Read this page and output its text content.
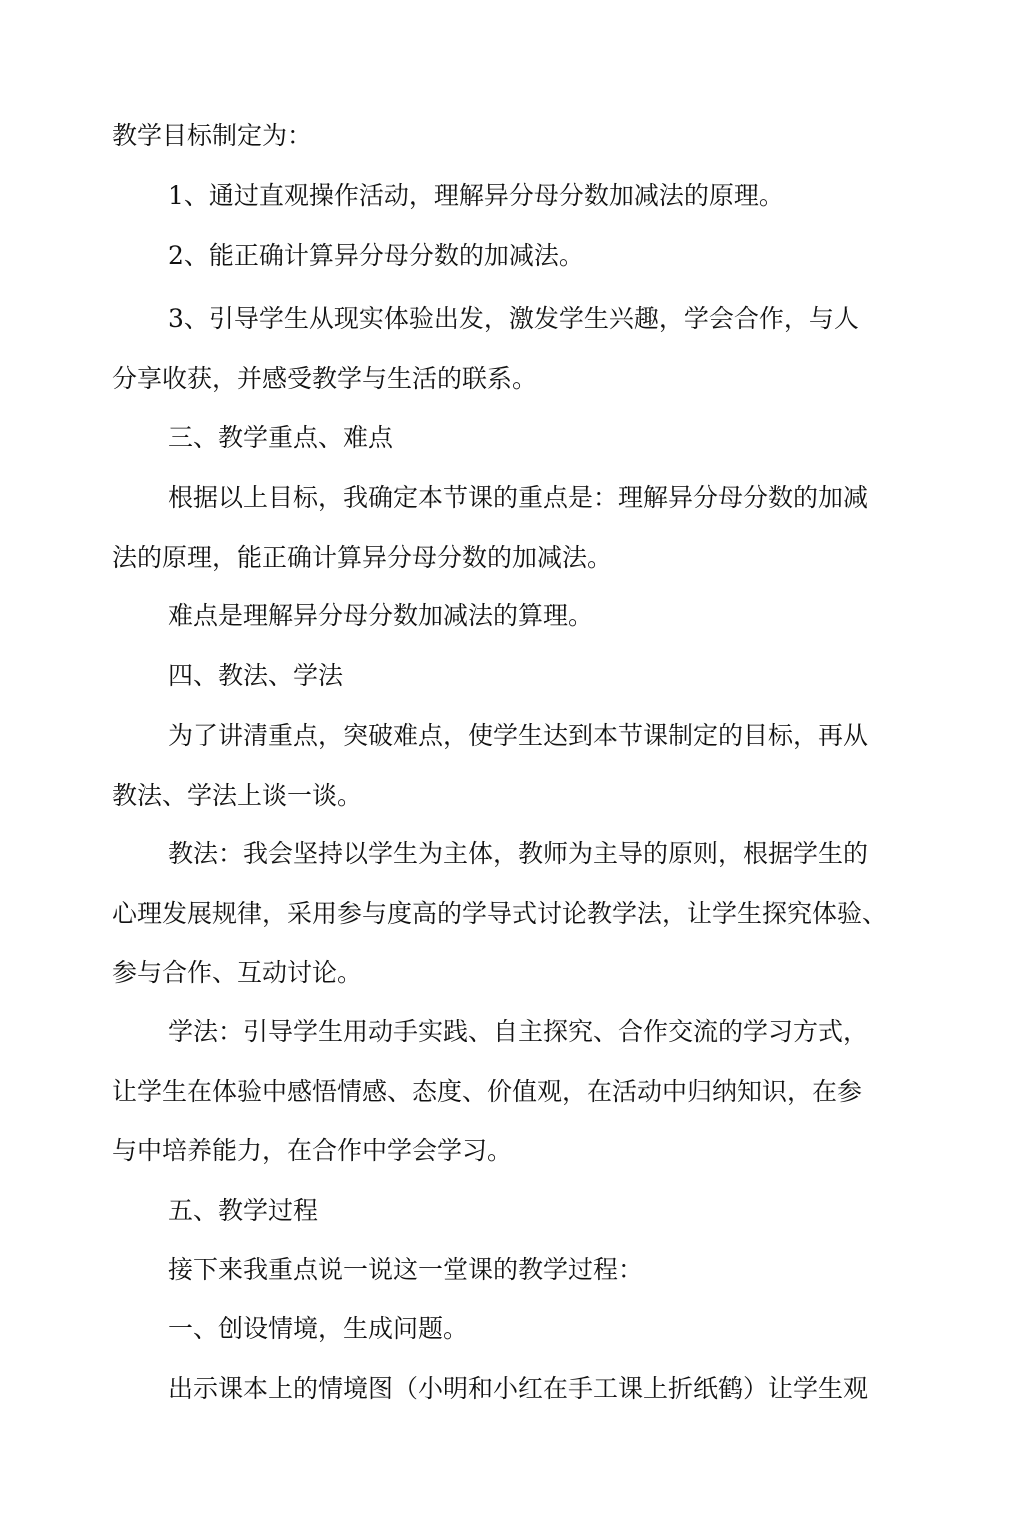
教学目标制定为：
1、通过直观操作活动，理解异分母分数加减法的原理。
2、能正确计算异分母分数的加减法。
3、引导学生从现实体验出发，激发学生兴趣，学会合作，与人
分享收获，并感受教学与生活的联系。
三、教学重点、难点
根据以上目标，我确定本节课的重点是：理解异分母分数的加减
法的原理，能正确计算异分母分数的加减法。
难点是理解异分母分数加减法的算理。
四、教法、学法
为了讲清重点，突破难点，使学生达到本节课制定的目标，再从
教法、学法上谈一谈。
教法：我会坚持以学生为主体，教师为主导的原则，根据学生的
心理发展规律，采用参与度高的学导式讨论教学法，让学生探究体验、
参与合作、互动讨论。
学法：引导学生用动手实践、自主探究、合作交流的学习方式，
让学生在体验中感悟情感、态度、价值观，在活动中归纳知识，在参
与中培养能力，在合作中学会学习。
五、教学过程
接下来我重点说一说这一堂课的教学过程：
一、创设情境，生成问题。
出示课本上的情境图（小明和小红在手工课上折纸鹤）让学生观
